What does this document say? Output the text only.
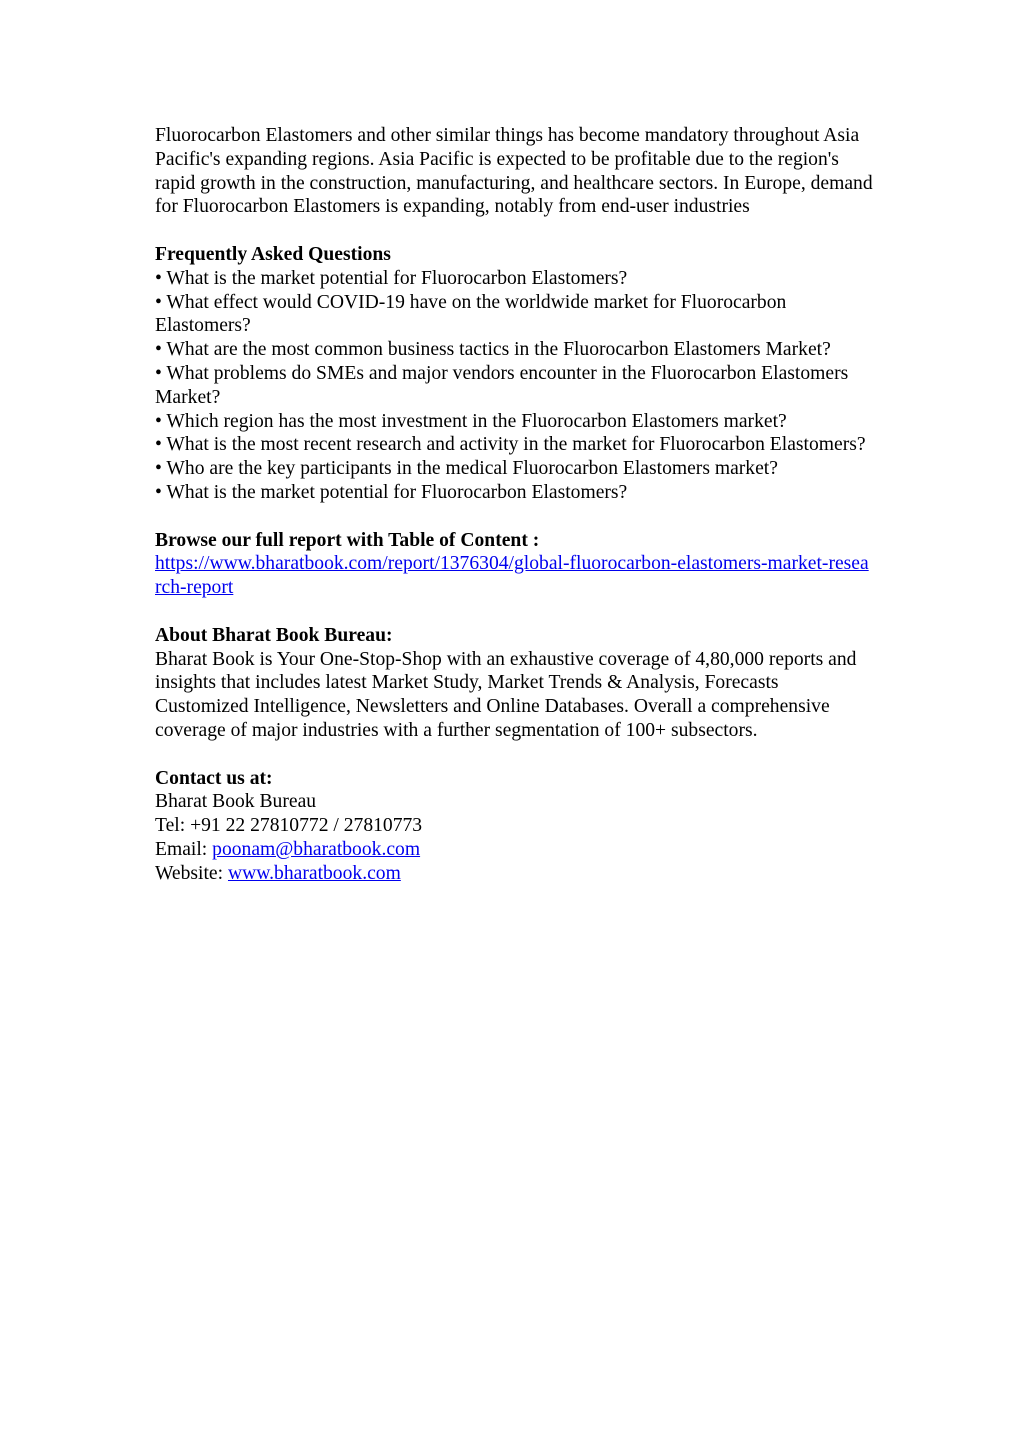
Fluorocarbon Elastomers and other similar things has become mandatory throughout Asia Pacific's expanding regions. Asia Pacific is expected to be profitable due to the region's rapid growth in the construction, manufacturing, and healthcare sectors. In Europe, demand for Fluorocarbon Elastomers is expanding, notably from end-user industries

Frequently Asked Questions
• What is the market potential for Fluorocarbon Elastomers?
• What effect would COVID-19 have on the worldwide market for Fluorocarbon Elastomers?
• What are the most common business tactics in the Fluorocarbon Elastomers Market?
• What problems do SMEs and major vendors encounter in the Fluorocarbon Elastomers Market?
• Which region has the most investment in the Fluorocarbon Elastomers market?
• What is the most recent research and activity in the market for Fluorocarbon Elastomers?
• Who are the key participants in the medical Fluorocarbon Elastomers market?
• What is the market potential for Fluorocarbon Elastomers?
Browse our full report with Table of Content :
https://www.bharatbook.com/report/1376304/global-fluorocarbon-elastomers-market-research-report
About Bharat Book Bureau:
Bharat Book is Your One-Stop-Shop with an exhaustive coverage of 4,80,000 reports and insights that includes latest Market Study, Market Trends & Analysis, Forecasts Customized Intelligence, Newsletters and Online Databases. Overall a comprehensive coverage of major industries with a further segmentation of 100+ subsectors.
Contact us at:
Bharat Book Bureau
Tel: +91 22 27810772 / 27810773
Email: poonam@bharatbook.com
Website: www.bharatbook.com
